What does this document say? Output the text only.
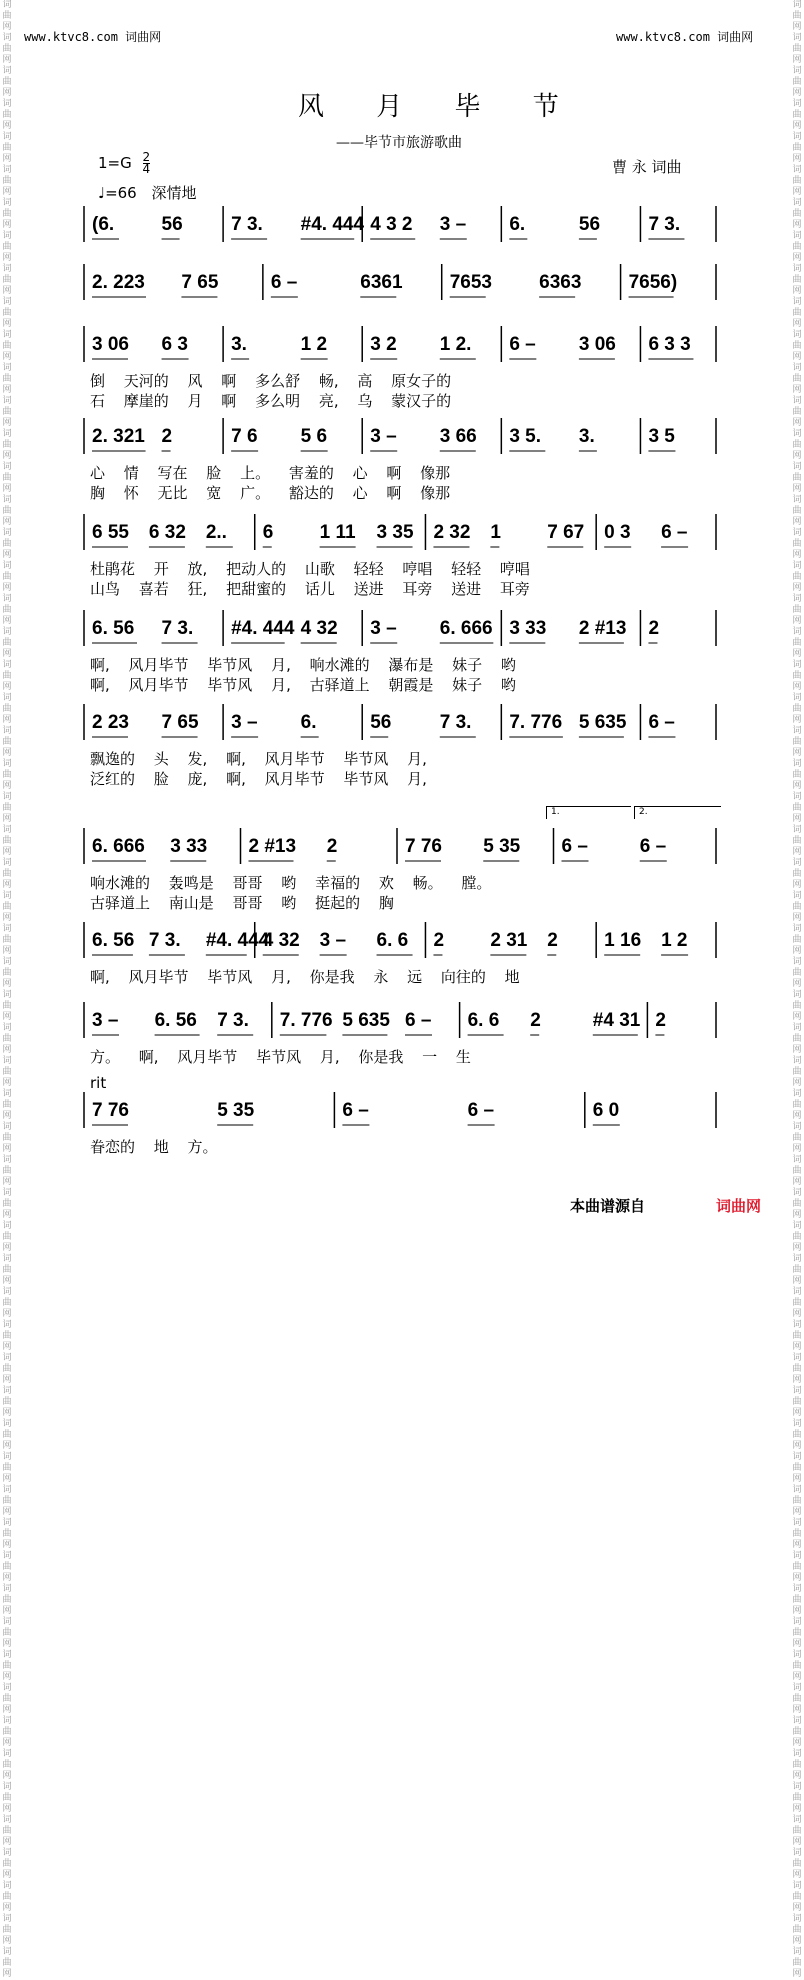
词曲网词曲网词曲网词曲网词曲网词曲网词曲网词曲网词曲网词曲网词曲网词曲网词曲网词曲网词曲网词曲网词曲网词曲网词曲网词曲网词曲网词曲网词曲网词曲网词曲网词曲网词曲网词曲网词曲网词曲网词曲网词曲网词曲网词曲网词曲网词曲网词曲网词曲网词曲网词曲网词曲网词曲网词曲网词曲网词曲网词曲网词曲网词曲网词曲网词曲网词曲网词曲网词曲网词曲网词曲网词曲网词曲网词曲网词曲网词曲网
词曲网词曲网词曲网词曲网词曲网词曲网词曲网词曲网词曲网词曲网词曲网词曲网词曲网词曲网词曲网词曲网词曲网词曲网词曲网词曲网词曲网词曲网词曲网词曲网词曲网词曲网词曲网词曲网词曲网词曲网词曲网词曲网词曲网词曲网词曲网词曲网词曲网词曲网词曲网词曲网词曲网词曲网词曲网词曲网词曲网词曲网词曲网词曲网词曲网词曲网词曲网词曲网词曲网词曲网词曲网词曲网词曲网词曲网词曲网词曲网
www.ktvc8.com 词曲网	www.ktvc8.com 词曲网
风 月 毕 节
——毕节市旅游歌曲
$1=G \frac{2}{4}$
♩=66 深情地
曹 永 词曲
(6. 56	7 3. #4. 444 4 3 2 3 – 6.	56	7 3.
2. 223 7 65	6 –	6361 7653 6363 7656)
3 06 6 3 3.	1 2 3 2 1 2. 6 – 3 06 6 3 3
倒 天河的 风 啊 多么舒 畅, 高 原女子的
石 摩崖的 月 啊 多么明 亮, 乌 蒙汉子的
2. 321 2	7 6 5 6 3 – 3 66 3 5. 3.	3 5
心 情 写在 脸 上。 害羞的 心 啊 像那
胸 怀 无比 宽 广。 豁达的 心 啊 像那
6 55 6 32 2.. 6 1 11 3 35 2 32 1 7 67 0 3 6 –
杜鹃花 开 放, 把动人的 山歌 轻轻 哼唱 轻轻 哼唱
山鸟 喜若 狂, 把甜蜜的 话儿 送进 耳旁 送进 耳旁
6. 56 7 3. #4. 444 4 32 3 – 6. 666 3 33 2 #13 2
啊, 风月毕节 毕节风 月, 响水滩的 瀑布是 妹子 哟
啊, 风月毕节 毕节风 月, 古驿道上 朝霞是 妹子 哟
2 23 7 65 3 – 6.	56	7 3. 7. 776 5 635 6 –
飘逸的 头 发, 啊, 风月毕节 毕节风 月,
泛红的 脸 庞, 啊, 风月毕节 毕节风 月,
6. 666 3 33 2 #13 2	7 76 5 35 6 –	6 –
响水滩的 轰鸣是 哥哥 哟 幸福的 欢 畅。 膛。
古驿道上 南山是 哥哥 哟 挺起的 胸
1.	2.
6. 56 7 3. #4. 444
4 32 3 – 6. 6 2 2 31 2 1 16 1 2
啊, 风月毕节 毕节风 月, 你是我 永 远 向往的 地
3 – 6. 56 7 3. 7. 776 5 635 6 – 6. 6 2	#4 31 2
方。 啊, 风月毕节 毕节风 月, 你是我 一 生
7 76	5 35	6 –	6 –	6 0
眷恋的 地 方。
rit
本曲谱源自	词曲网
